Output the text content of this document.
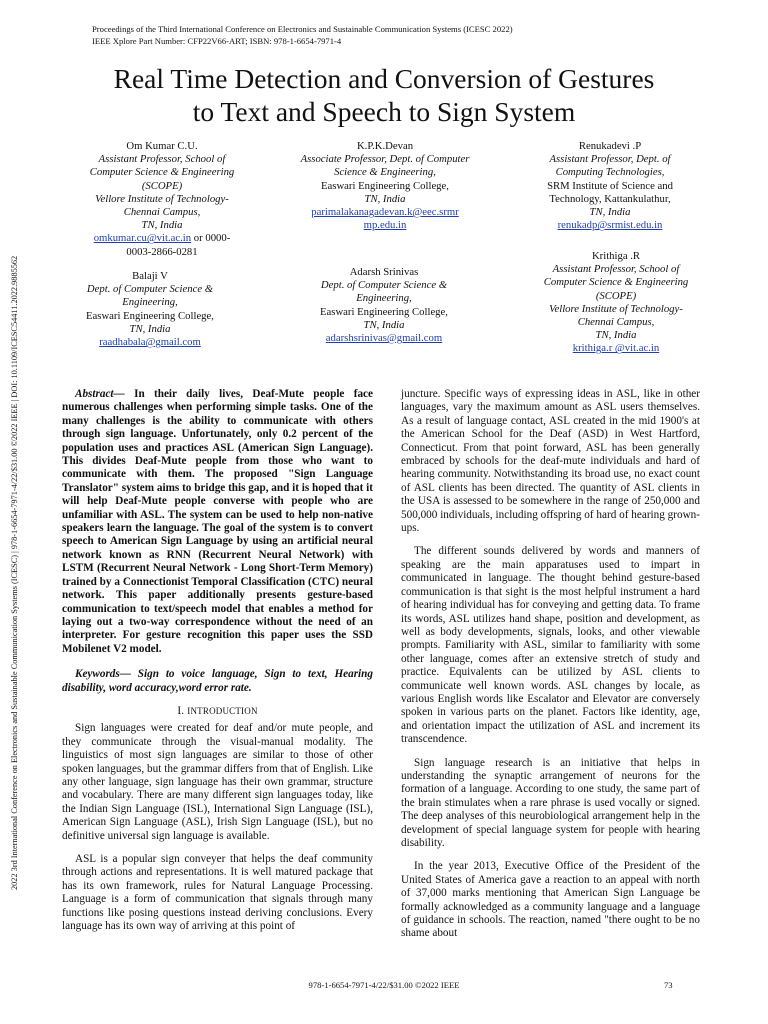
Proceedings of the Third International Conference on Electronics and Sustainable Communication Systems (ICESC 2022)
IEEE Xplore Part Number: CFP22V66-ART; ISBN: 978-1-6654-7971-4
Real Time Detection and Conversion of Gestures
to Text and Speech to Sign System
2022 3rd International Conference on Electronics and Sustainable Communication Systems (ICESC) | 978-1-6654-7971-4/22/$31.00 ©2022 IEEE | DOI: 10.1109/ICESC54411.2022.9885562
Om Kumar C.U.
Assistant Professor, School of
Computer Science & Engineering
(SCOPE)
Vellore Institute of Technology-
Chennai Campus,
TN, India
omkumar.cu@vit.ac.in or 0000-
0003-2866-0281
K.P.K.Devan
Associate Professor, Dept. of Computer
Science & Engineering,
Easwari Engineering College,
TN, India
parimalakanagadevan.k@eec.srmr
mp.edu.in
Renukadevi .P
Assistant Professor, Dept. of
Computing Technologies,
SRM Institute of Science and
Technology, Kattankulathur,
TN, India
renukadp@srmist.edu.in
Balaji V
Dept. of Computer Science &
Engineering,
Easwari Engineering College,
TN, India
raadhabala@gmail.com
Adarsh Srinivas
Dept. of Computer Science &
Engineering,
Easwari Engineering College,
TN, India
adarshsrinivas@gmail.com
Krithiga .R
Assistant Professor, School of
Computer Science & Engineering
(SCOPE)
Vellore Institute of Technology-
Chennai Campus,
TN, India
krithiga.r @vit.ac.in
Abstract— In their daily lives, Deaf-Mute people face numerous challenges when performing simple tasks. One of the many challenges is the ability to communicate with others through sign language. Unfortunately, only 0.2 percent of the population uses and practices ASL (American Sign Language). This divides Deaf-Mute people from those who want to communicate with them. The proposed "Sign Language Translator" system aims to bridge this gap, and it is hoped that it will help Deaf-Mute people converse with people who are unfamiliar with ASL. The system can be used to help non-native speakers learn the language. The goal of the system is to convert speech to American Sign Language by using an artificial neural network known as RNN (Recurrent Neural Network) with LSTM (Recurrent Neural Network - Long Short-Term Memory) trained by a Connectionist Temporal Classification (CTC) neural network. This paper additionally presents gesture-based communication to text/speech model that enables a method for laying out a two-way correspondence without the need of an interpreter. For gesture recognition this paper uses the SSD Mobilenet V2 model.
Keywords— Sign to voice language, Sign to text, Hearing disability, word accuracy,word error rate.
I. INTRODUCTION

Sign languages were created for deaf and/or mute people, and they communicate through the visual-manual modality. The linguistics of most sign languages are similar to those of other spoken languages, but the grammar differs from that of English. Like any other language, sign language has their own grammar, structure and vocabulary. There are many different sign languages today, like the Indian Sign Language (ISL), International Sign Language (ISL), American Sign Language (ASL), Irish Sign Language (ISL), but no definitive universal sign language is available.

ASL is a popular sign conveyer that helps the deaf community through actions and representations. It is well matured package that has its own framework, rules for Natural Language Processing. Language is a form of communication that signals through many functions like posing questions instead deriving conclusions. Every language has its own way of arriving at this point of

juncture. Specific ways of expressing ideas in ASL, like in other languages, vary the maximum amount as ASL users themselves. As a result of language contact, ASL created in the mid 1900's at the American School for the Deaf (ASD) in West Hartford, Connecticut. From that point forward, ASL has been generally embraced by schools for the deaf-mute individuals and hard of hearing community. Notwithstanding its broad use, no exact count of ASL clients has been directed. The quantity of ASL clients in the USA is assessed to be somewhere in the range of 250,000 and 500,000 individuals, including offspring of hard of hearing grown-ups.

The different sounds delivered by words and manners of speaking are the main apparatuses used to impart in communicated in language. The thought behind gesture-based communication is that sight is the most helpful instrument a hard of hearing individual has for conveying and getting data. To frame its words, ASL utilizes hand shape, position and development, as well as body developments, signals, looks, and other viewable prompts. Familiarity with ASL, similar to familiarity with some other language, comes after an extensive stretch of study and practice. Equivalents can be utilized by ASL clients to communicate well known words. ASL changes by locale, as various English words like Escalator and Elevator are conversely spoken in various parts on the planet. Factors like identity, age, and orientation impact the utilization of ASL and increment its transcendence.

Sign language research is an initiative that helps in understanding the synaptic arrangement of neurons for the formation of a language. According to one study, the same part of the brain stimulates when a rare phrase is used vocally or signed. The deep analyses of this neurobiological arrangement help in the development of special language system for people with hearing disability.

In the year 2013, Executive Office of the President of the United States of America gave a reaction to an appeal with north of 37,000 marks mentioning that American Sign Language be formally acknowledged as a community language and a language of guidance in schools. The reaction, named "there ought to be no shame about

978-1-6654-7971-4/22/$31.00 ©2022 IEEE	73
